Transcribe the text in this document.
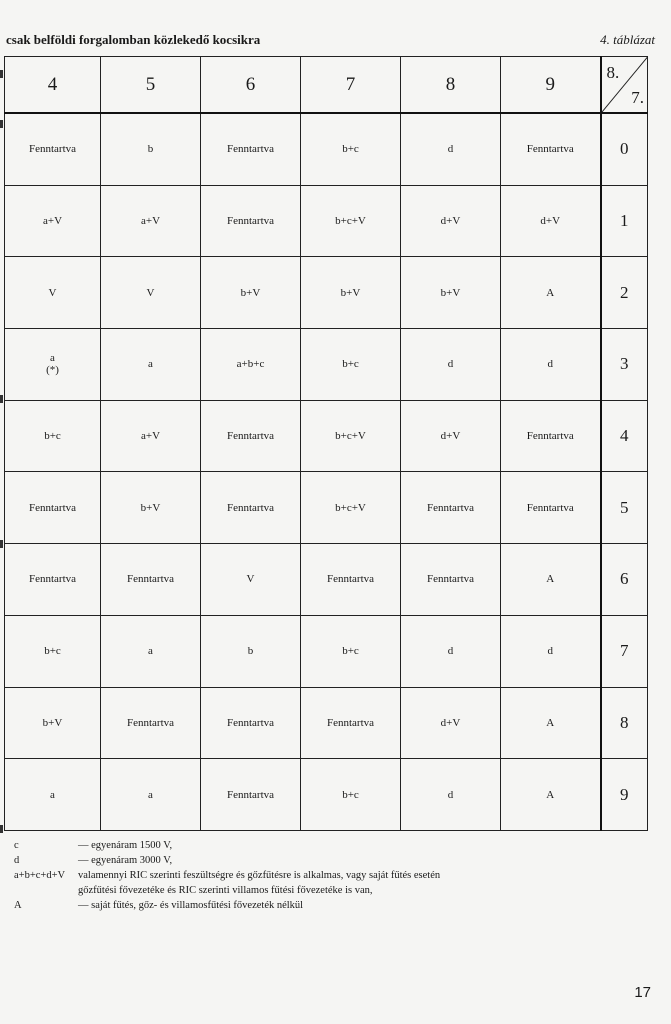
csak belföldi forgalomban közlekedő kocsikra	4. táblázat
4	5	6	7	8	9	8.
7.

Fenntartva	b	Fenntartva	b+c	d	Fenntartva	0
a+V	a+V	Fenntartva	b+c+V	d+V	d+V	1
V	V	b+V	b+V	b+V	A	2

a
(*)	a	a+b+c	b+c	d	d	3
b+c	a+V	Fenntartva	b+c+V	d+V	Fenntartva	4
Fenntartva	b+V	Fenntartva	b+c+V	Fenntartva	Fenntartva	5
Fenntartva	Fenntartva	V	Fenntartva	Fenntartva	A	6
b+c	a	b	b+c	d	d	7
b+V	Fenntartva	Fenntartva	Fenntartva	d+V	A	8
a	a	Fenntartva	b+c	d	A	9
c	— egyenáram 1500 V,
d	— egyenáram 3000 V,
a+b+c+d+V	valamennyi RIC szerinti feszültségre és gőzfűtésre is alkalmas, vagy saját fűtés esetén
gőzfűtési fővezetéke és RIC szerinti villamos fűtési fővezetéke is van,
A	— saját fűtés, gőz- és villamosfűtési fővezeték nélkül
17
